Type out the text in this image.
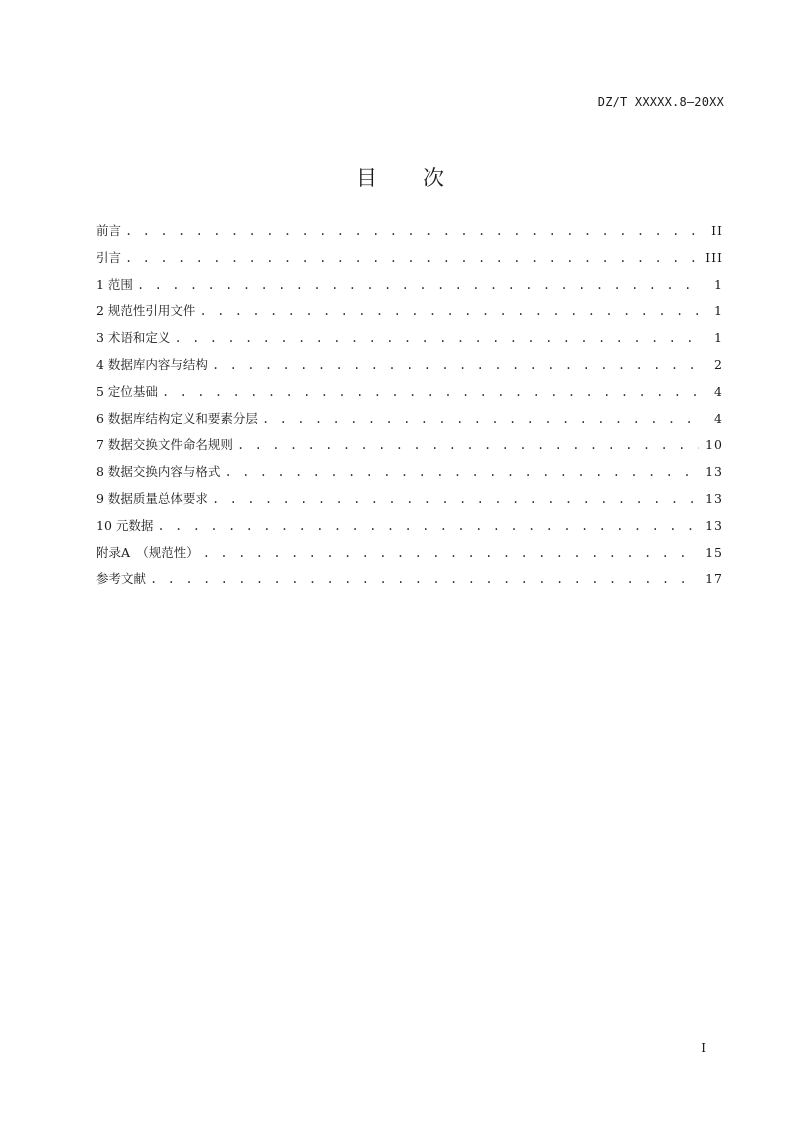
DZ/T XXXXX.8—20XX
目 次
前言 . . .	II
引言 . . .	III
1 范围 . . .	1
2 规范性引用文件 . . .	1
3 术语和定义 . . .	1
4 数据库内容与结构 . . .	2
5 定位基础 . . .	4
6 数据库结构定义和要素分层 . . .	4
7 数据交换文件命名规则 . . .	10
8 数据交换内容与格式 . . .	13
9 数据质量总体要求 . . .	13
10 元数据 . . .	13
附录A　（规范性） . . .	15
参考文献 . . .	17
I
